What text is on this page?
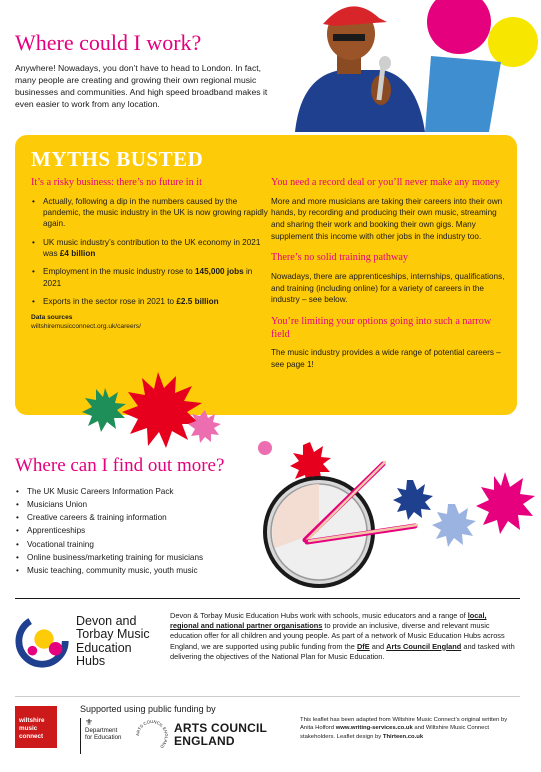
Where could I work?

Anywhere! Nowadays, you don’t have to head to London. In fact, many people are creating and growing their own regional music businesses and communities. And high speed broadband makes it even easier to work from any location.

MYTHS BUSTED
It’s a risky business: there’s no future in it
• Actually, following a dip in the numbers caused by the pandemic, the music industry in the UK is now growing rapidly again.
• UK music industry’s contribution to the UK economy in 2021 was £4 billion
• Employment in the music industry rose to 145,000 jobs in 2021
• Exports in the sector rose in 2021 to £2.5 billion
Data sources
wiltshiremusicconnect.org.uk/careers/
You need a record deal or you’ll never make any money

More and more musicians are taking their careers into their own hands, by recording and producing their own music, streaming and sharing their work and booking their own gigs. Many supplement this income with other jobs in the industry too.

There’s no solid training pathway

Nowadays, there are apprenticeships, internships, qualifications, and training (including online) for a variety of careers in the industry – see below.

You’re limiting your options going into such a narrow field

The music industry provides a wide range of potential careers – see page 1!

Where can I find out more?
• The UK Music Careers Information Pack
• Musicians Union
• Creative careers & training information
• Apprenticeships
• Vocational training
• Online business/marketing training for musicians
• Music teaching, community music, youth music
Devon and
Torbay Music
Education
Hubs

Devon & Torbay Music Education Hubs work with schools, music educators and a range of local, regional and national partner organisations to provide an inclusive, diverse and relevant music education offer for all children and young people. As part of a network of Music Education Hubs across England, we are supported using public funding from the DfE and Arts Council England and tasked with delivering the objectives of the National Plan for Music Education.

wiltshire
music
connect
Supported using public funding by
⚜
Department
for Education	ARTS COUNCIL ENGLAND
ARTS COUNCIL
ENGLAND

This leaflet has been adapted from Wiltshire Music Connect’s original written by Anita Holford www.writing-services.co.uk and Wiltshire Music Connect stakeholders. Leaflet design by Thirteen.co.uk
